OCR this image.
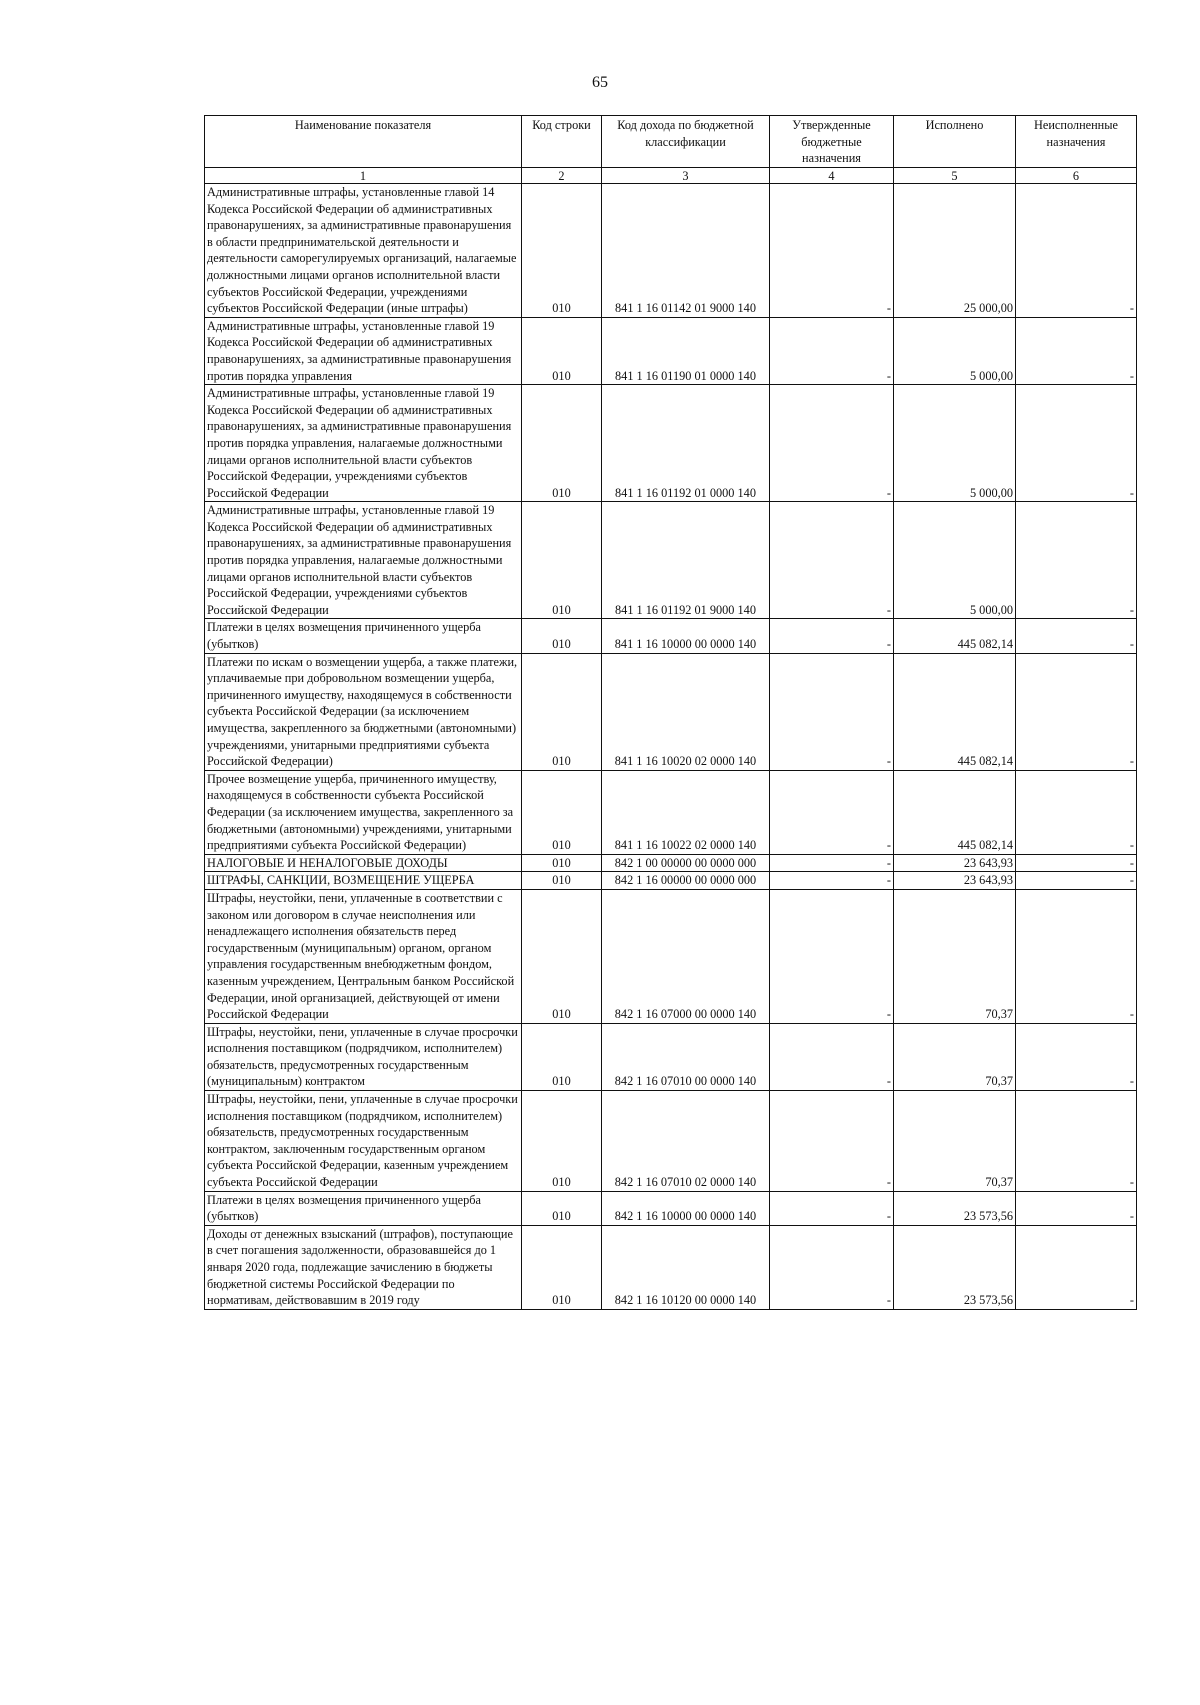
65
Наименование показателя	Код строки	Код дохода по бюджетной классификации	Утвержденные бюджетные назначения	Исполнено	Неисполненные назначения
1	2	3	4	5	6
Административные штрафы, установленные главой 14 Кодекса Российской Федерации об административных правонарушениях, за административные правонарушения в области предпринимательской деятельности и деятельности саморегулируемых организаций, налагаемые должностными лицами органов исполнительной власти субъектов Российской Федерации, учреждениями субъектов Российской Федерации (иные штрафы)	010	841 1 16 01142 01 9000 140	-	25 000,00	-
Административные штрафы, установленные главой 19 Кодекса Российской Федерации об административных правонарушениях, за административные правонарушения против порядка управления	010	841 1 16 01190 01 0000 140	-	5 000,00	-
Административные штрафы, установленные главой 19 Кодекса Российской Федерации об административных правонарушениях, за административные правонарушения против порядка управления, налагаемые должностными лицами органов исполнительной власти субъектов Российской Федерации, учреждениями субъектов Российской Федерации	010	841 1 16 01192 01 0000 140	-	5 000,00	-
Административные штрафы, установленные главой 19 Кодекса Российской Федерации об административных правонарушениях, за административные правонарушения против порядка управления, налагаемые должностными лицами органов исполнительной власти субъектов Российской Федерации, учреждениями субъектов Российской Федерации	010	841 1 16 01192 01 9000 140	-	5 000,00	-
Платежи в целях возмещения причиненного ущерба (убытков)	010	841 1 16 10000 00 0000 140	-	445 082,14	-
Платежи по искам о возмещении ущерба, а также платежи, уплачиваемые при добровольном возмещении ущерба, причиненного имуществу, находящемуся в собственности субъекта Российской Федерации (за исключением имущества, закрепленного за бюджетными (автономными) учреждениями, унитарными предприятиями субъекта Российской Федерации)	010	841 1 16 10020 02 0000 140	-	445 082,14	-
Прочее возмещение ущерба, причиненного имуществу, находящемуся в собственности субъекта Российской Федерации (за исключением имущества, закрепленного за бюджетными (автономными) учреждениями, унитарными предприятиями субъекта Российской Федерации)	010	841 1 16 10022 02 0000 140	-	445 082,14	-
НАЛОГОВЫЕ И НЕНАЛОГОВЫЕ ДОХОДЫ	010	842 1 00 00000 00 0000 000	-	23 643,93	-
ШТРАФЫ, САНКЦИИ, ВОЗМЕЩЕНИЕ УЩЕРБА	010	842 1 16 00000 00 0000 000	-	23 643,93	-
Штрафы, неустойки, пени, уплаченные в соответствии с законом или договором в случае неисполнения или ненадлежащего исполнения обязательств перед государственным (муниципальным) органом, органом управления государственным внебюджетным фондом, казенным учреждением, Центральным банком Российской Федерации, иной организацией, действующей от имени Российской Федерации	010	842 1 16 07000 00 0000 140	-	70,37	-
Штрафы, неустойки, пени, уплаченные в случае просрочки исполнения поставщиком (подрядчиком, исполнителем) обязательств, предусмотренных государственным (муниципальным) контрактом	010	842 1 16 07010 00 0000 140	-	70,37	-
Штрафы, неустойки, пени, уплаченные в случае просрочки исполнения поставщиком (подрядчиком, исполнителем) обязательств, предусмотренных государственным контрактом, заключенным государственным органом субъекта Российской Федерации, казенным учреждением субъекта Российской Федерации	010	842 1 16 07010 02 0000 140	-	70,37	-
Платежи в целях возмещения причиненного ущерба (убытков)	010	842 1 16 10000 00 0000 140	-	23 573,56	-
Доходы от денежных взысканий (штрафов), поступающие в счет погашения задолженности, образовавшейся до 1 января 2020 года, подлежащие зачислению в бюджеты бюджетной системы Российской Федерации по нормативам, действовавшим в 2019 году	010	842 1 16 10120 00 0000 140	-	23 573,56	-
